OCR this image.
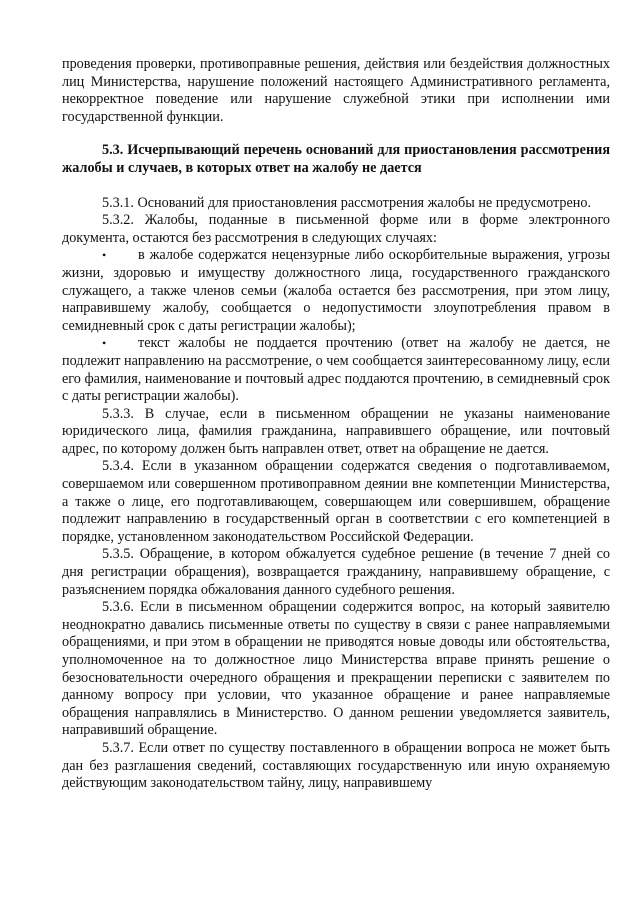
проведения проверки, противоправные решения, действия или бездействия должностных лиц Министерства, нарушение положений настоящего Административного регламента, некорректное поведение или нарушение служебной этики при исполнении ими государственной функции.

5.3. Исчерпывающий перечень оснований для приостановления рассмотрения жалобы и случаев, в которых ответ на жалобу не дается

5.3.1. Оснований для приостановления рассмотрения жалобы не предусмотрено.

5.3.2. Жалобы, поданные в письменной форме или в форме электронного документа, остаются без рассмотрения в следующих случаях:

• в жалобе содержатся нецензурные либо оскорбительные выражения, угрозы жизни, здоровью и имуществу должностного лица, государственного гражданского служащего, а также членов семьи (жалоба остается без рассмотрения, при этом лицу, направившему жалобу, сообщается о недопустимости злоупотребления правом в семидневный срок с даты регистрации жалобы);

• текст жалобы не поддается прочтению (ответ на жалобу не дается, не подлежит направлению на рассмотрение, о чем сообщается заинтересованному лицу, если его фамилия, наименование и почтовый адрес поддаются прочтению, в семидневный срок с даты регистрации жалобы).

5.3.3. В случае, если в письменном обращении не указаны наименование юридического лица, фамилия гражданина, направившего обращение, или почтовый адрес, по которому должен быть направлен ответ, ответ на обращение не дается.

5.3.4. Если в указанном обращении содержатся сведения о подготавливаемом, совершаемом или совершенном противоправном деянии вне компетенции Министерства, а также о лице, его подготавливающем, совершающем или совершившем, обращение подлежит направлению в государственный орган в соответствии с его компетенцией в порядке, установленном законодательством Российской Федерации.

5.3.5. Обращение, в котором обжалуется судебное решение (в течение 7 дней со дня регистрации обращения), возвращается гражданину, направившему обращение, с разъяснением порядка обжалования данного судебного решения.

5.3.6. Если в письменном обращении содержится вопрос, на который заявителю неоднократно давались письменные ответы по существу в связи с ранее направляемыми обращениями, и при этом в обращении не приводятся новые доводы или обстоятельства, уполномоченное на то должностное лицо Министерства вправе принять решение о безосновательности очередного обращения и прекращении переписки с заявителем по данному вопросу при условии, что указанное обращение и ранее направляемые обращения направлялись в Министерство. О данном решении уведомляется заявитель, направивший обращение.

5.3.7. Если ответ по существу поставленного в обращении вопроса не может быть дан без разглашения сведений, составляющих государственную или иную охраняемую действующим законодательством тайну, лицу, направившему
